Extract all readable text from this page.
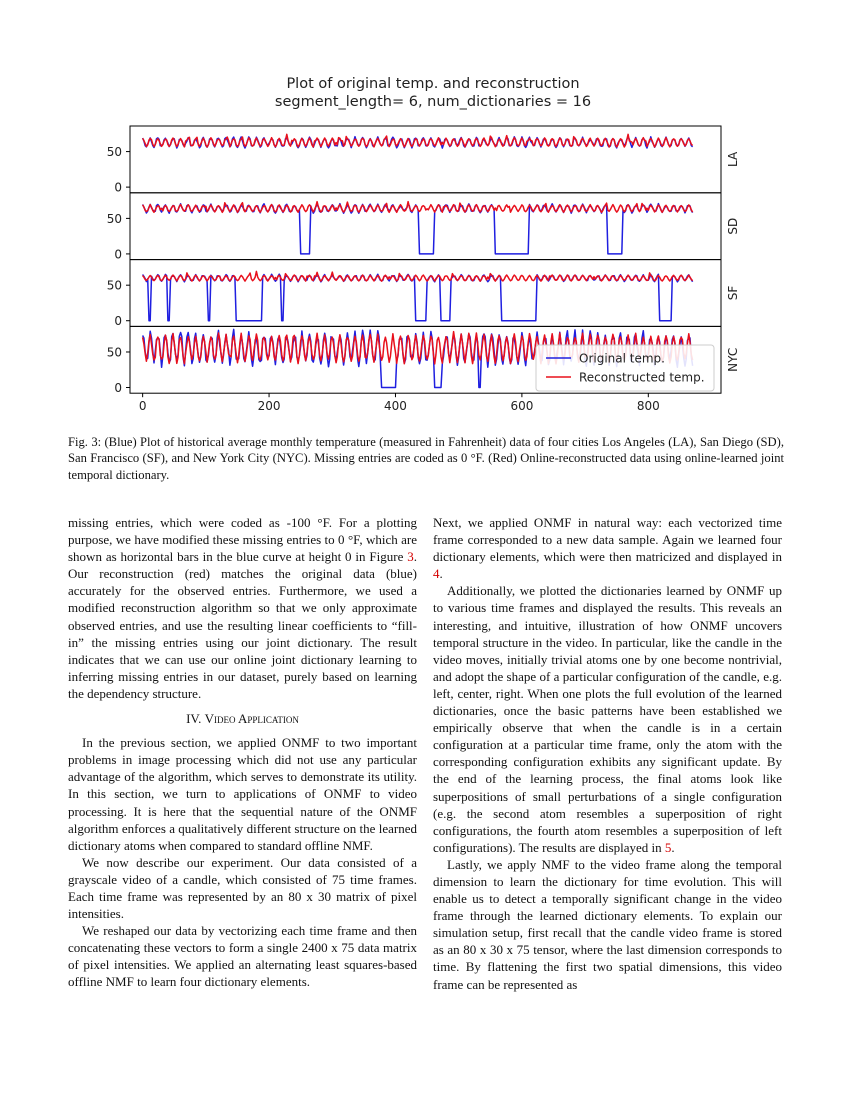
Plot of original temp. and reconstruction
segment_length= 6, num_dictionaries = 16
50
0
LA
50
0
SD
50
0
SF
50
0
NYC
0	200	400	600	800
Original temp.
Reconstructed temp.
Fig. 3: (Blue) Plot of historical average monthly temperature (measured in Fahrenheit) data of four cities Los Angeles (LA), San Diego (SD), San Francisco (SF), and New York City (NYC). Missing entries are coded as 0 °F. (Red) Online-reconstructed data using online-learned joint temporal dictionary.

missing entries, which were coded as -100 °F. For a plotting purpose, we have modified these missing entries to 0 °F, which are shown as horizontal bars in the blue curve at height 0 in Figure 3. Our reconstruction (red) matches the original data (blue) accurately for the observed entries. Furthermore, we used a modified reconstruction algorithm so that we only approximate observed entries, and use the resulting linear coefficients to “fill-in” the missing entries using our joint dictionary. The result indicates that we can use our online joint dictionary learning to inferring missing entries in our dataset, purely based on learning the dependency structure.

IV. Video Application

In the previous section, we applied ONMF to two important problems in image processing which did not use any particular advantage of the algorithm, which serves to demonstrate its utility. In this section, we turn to applications of ONMF to video processing. It is here that the sequential nature of the ONMF algorithm enforces a qualitatively different structure on the learned dictionary atoms when compared to standard offline NMF.

We now describe our experiment. Our data consisted of a grayscale video of a candle, which consisted of 75 time frames. Each time frame was represented by an 80 x 30 matrix of pixel intensities.

We reshaped our data by vectorizing each time frame and then concatenating these vectors to form a single 2400 x 75 data matrix of pixel intensities. We applied an alternating least squares-based offline NMF to learn four dictionary elements.

Next, we applied ONMF in natural way: each vectorized time frame corresponded to a new data sample. Again we learned four dictionary elements, which were then matricized and displayed in 4.

Additionally, we plotted the dictionaries learned by ONMF up to various time frames and displayed the results. This reveals an interesting, and intuitive, illustration of how ONMF uncovers temporal structure in the video. In particular, like the candle in the video moves, initially trivial atoms one by one become nontrivial, and adopt the shape of a particular configuration of the candle, e.g. left, center, right. When one plots the full evolution of the learned dictionaries, once the basic patterns have been established we empirically observe that when the candle is in a certain configuration at a particular time frame, only the atom with the corresponding configuration exhibits any significant update. By the end of the learning process, the final atoms look like superpositions of small perturbations of a single configuration (e.g. the second atom resembles a superposition of right configurations, the fourth atom resembles a superposition of left configurations). The results are displayed in 5.

Lastly, we apply NMF to the video frame along the temporal dimension to learn the dictionary for time evolution. This will enable us to detect a temporally significant change in the video frame through the learned dictionary elements. To explain our simulation setup, first recall that the candle video frame is stored as an 80 x 30 x 75 tensor, where the last dimension corresponds to time. By flattening the first two spatial dimensions, this video frame can be represented as
